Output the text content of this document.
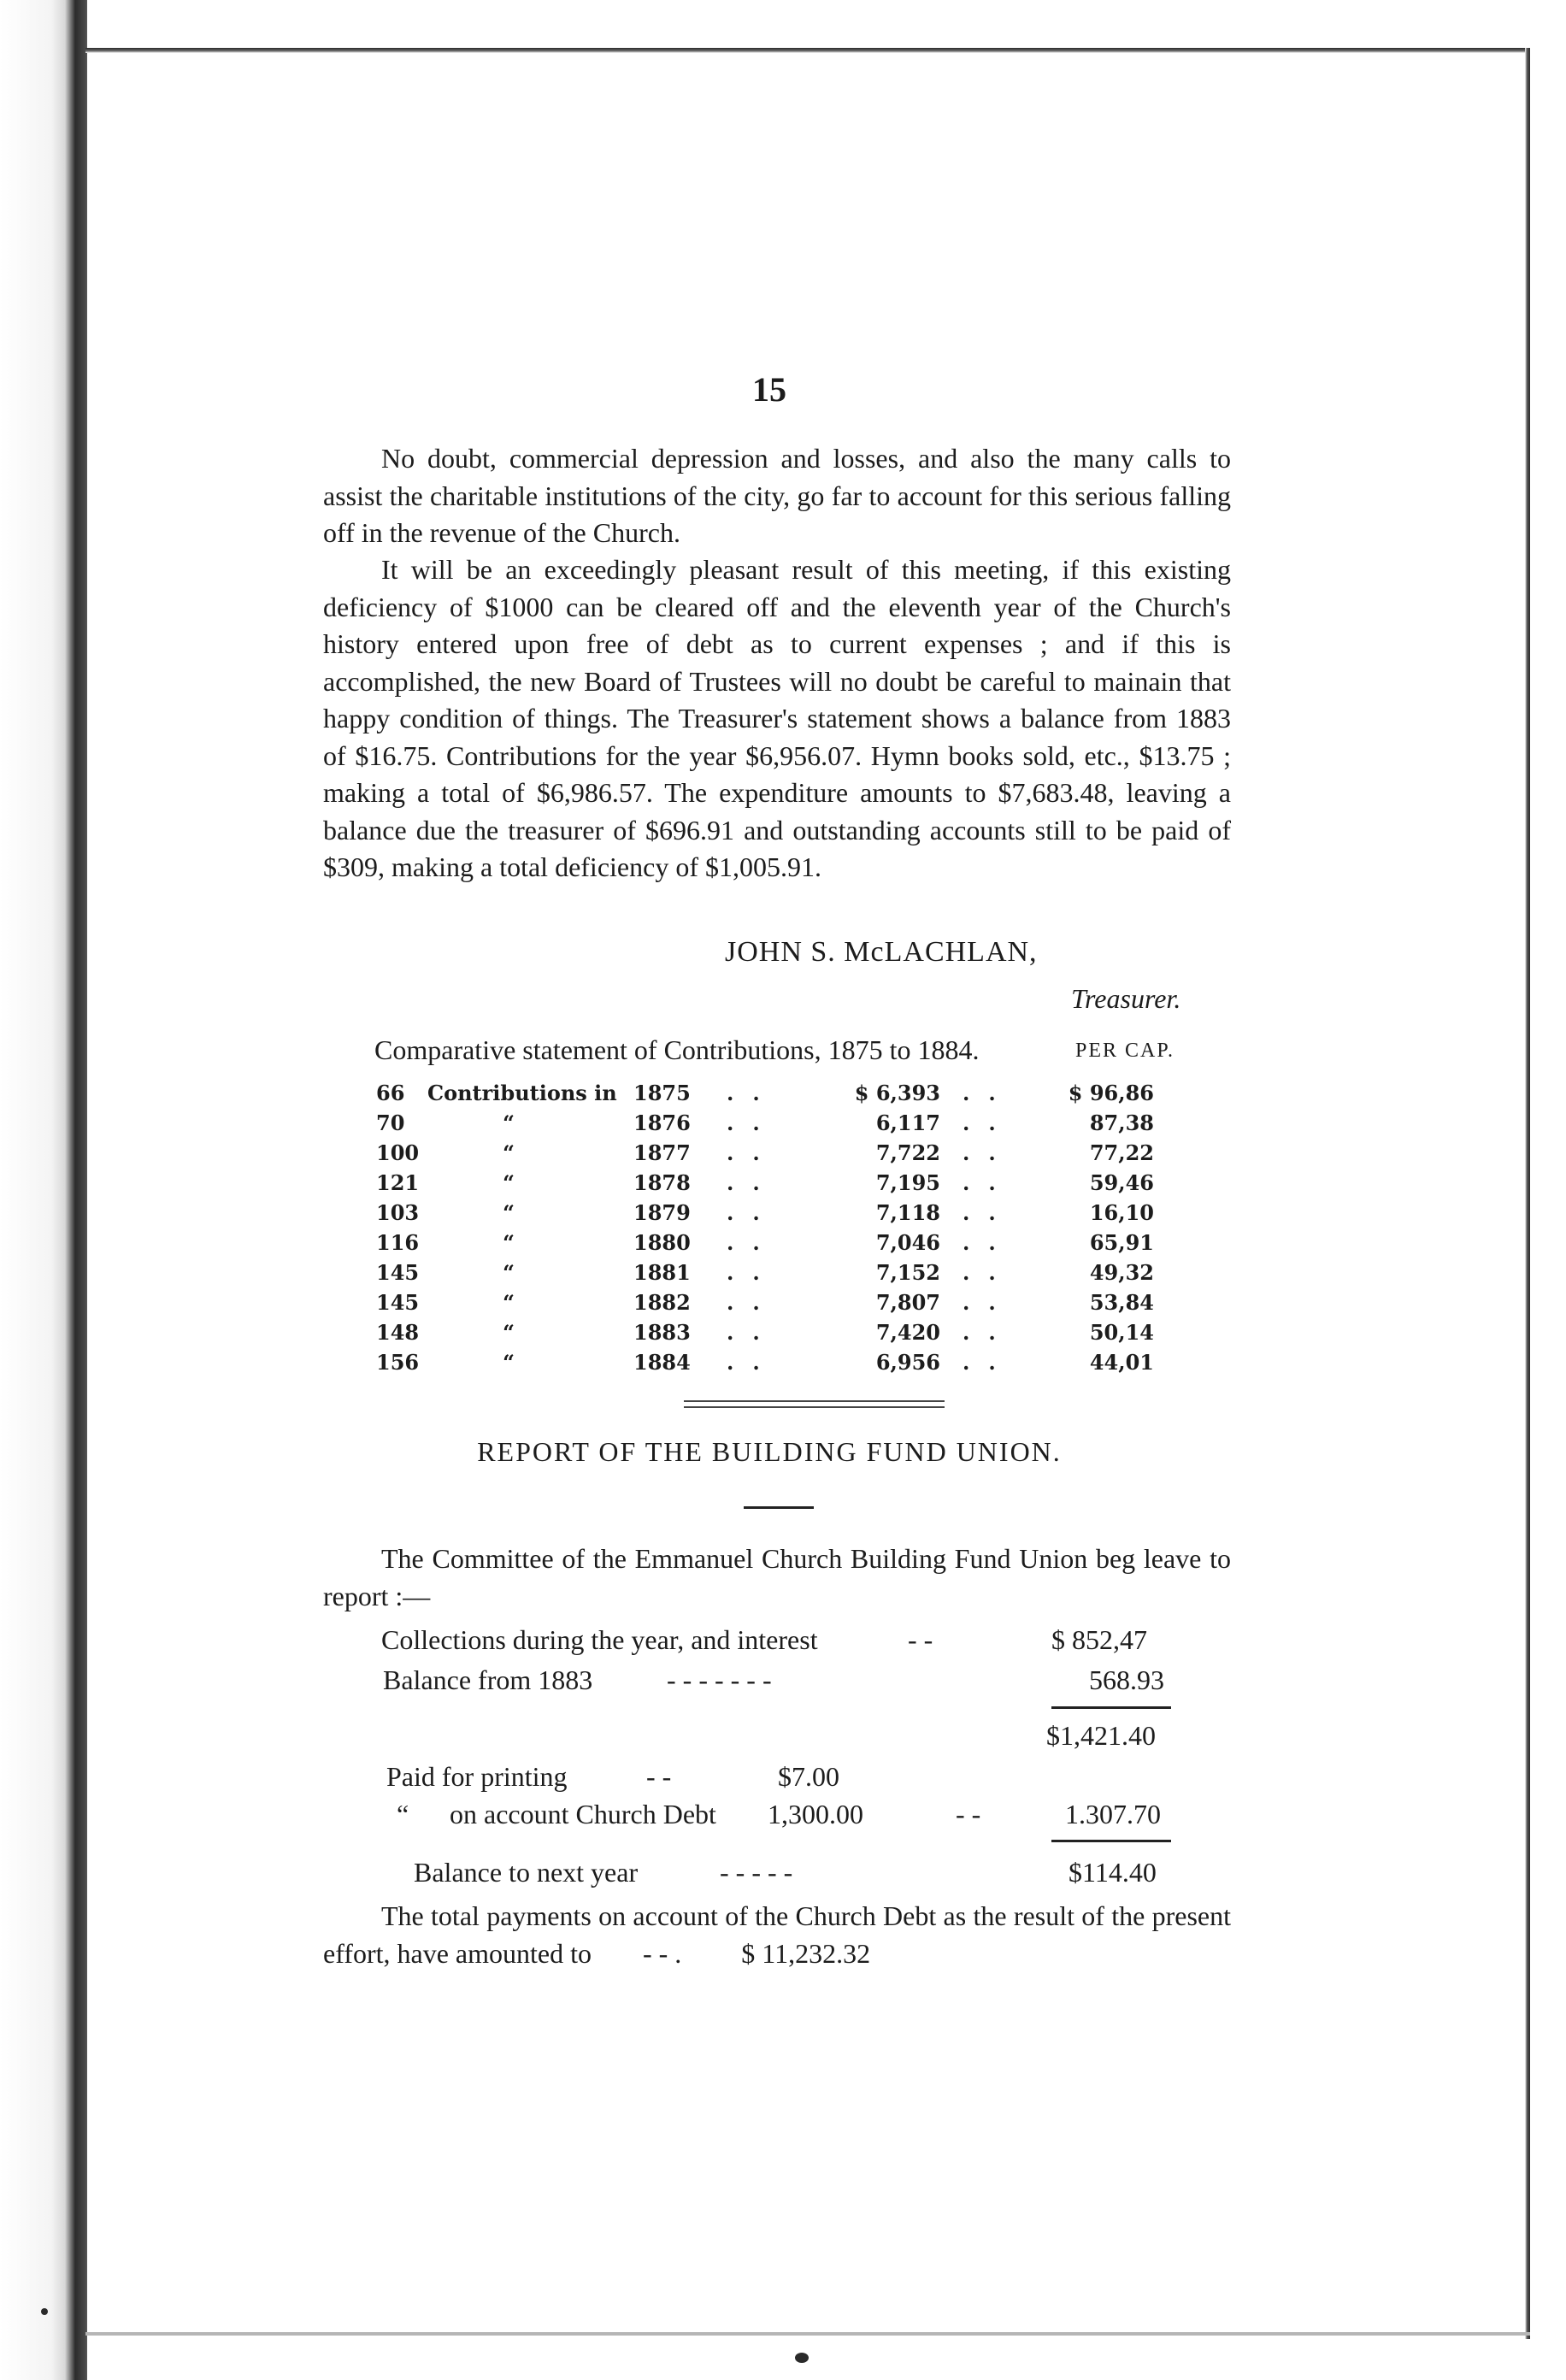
15

No doubt, commercial depression and losses, and also the many calls to assist the charitable institutions of the city, go far to account for this serious falling off in the revenue of the Church.

It will be an exceedingly pleasant result of this meeting, if this existing deficiency of $1000 can be cleared off and the eleventh year of the Church's history entered upon free of debt as to current expenses ; and if this is accomplished, the new Board of Trustees will no doubt be careful to mainain that happy condition of things. The Treasurer's statement shows a balance from 1883 of $16.75. Contributions for the year $6,956.07. Hymn books sold, etc., $13.75 ; making a total of $6,986.57. The expenditure amounts to $7,683.48, leaving a balance due the treasurer of $696.91 and outstanding accounts still to be paid of $309, making a total deficiency of $1,005.91.

JOHN S. McLACHLAN,
Treasurer.
Comparative statement of Contributions, 1875 to 1884.	PER CAP.
66 Contributions in 1875 ..	$ 6,393 ..	$ 96,86
70	“	1876 ..	6,117 ..	87,38
100	“	1877 ..	7,722 ..	77,22
121	“	1878 ..	7,195 ..	59,46
103	“	1879 ..	7,118 ..	16,10
116	“	1880 ..	7,046 ..	65,91
145	“	1881 ..	7,152 ..	49,32
145	“	1882 ..	7,807 ..	53,84
148	“	1883 ..	7,420 ..	50,14
156	“	1884 ..	6,956 ..	44,01
REPORT OF THE BUILDING FUND UNION.

The Committee of the Emmanuel Church Building Fund Union beg leave to report :—

Collections during the year, and interest	- -	$ 852,47
Balance from 1883	- - - - - - -	568.93
$1,421.40
Paid for printing	- -	$7.00
“ on account Church Debt 1,300.00	- -	1.307.70
Balance to next year	- - - - -	$114.40

The total payments on account of the Church Debt as the result of the present effort, have amounted to - - . $ 11,232.32
